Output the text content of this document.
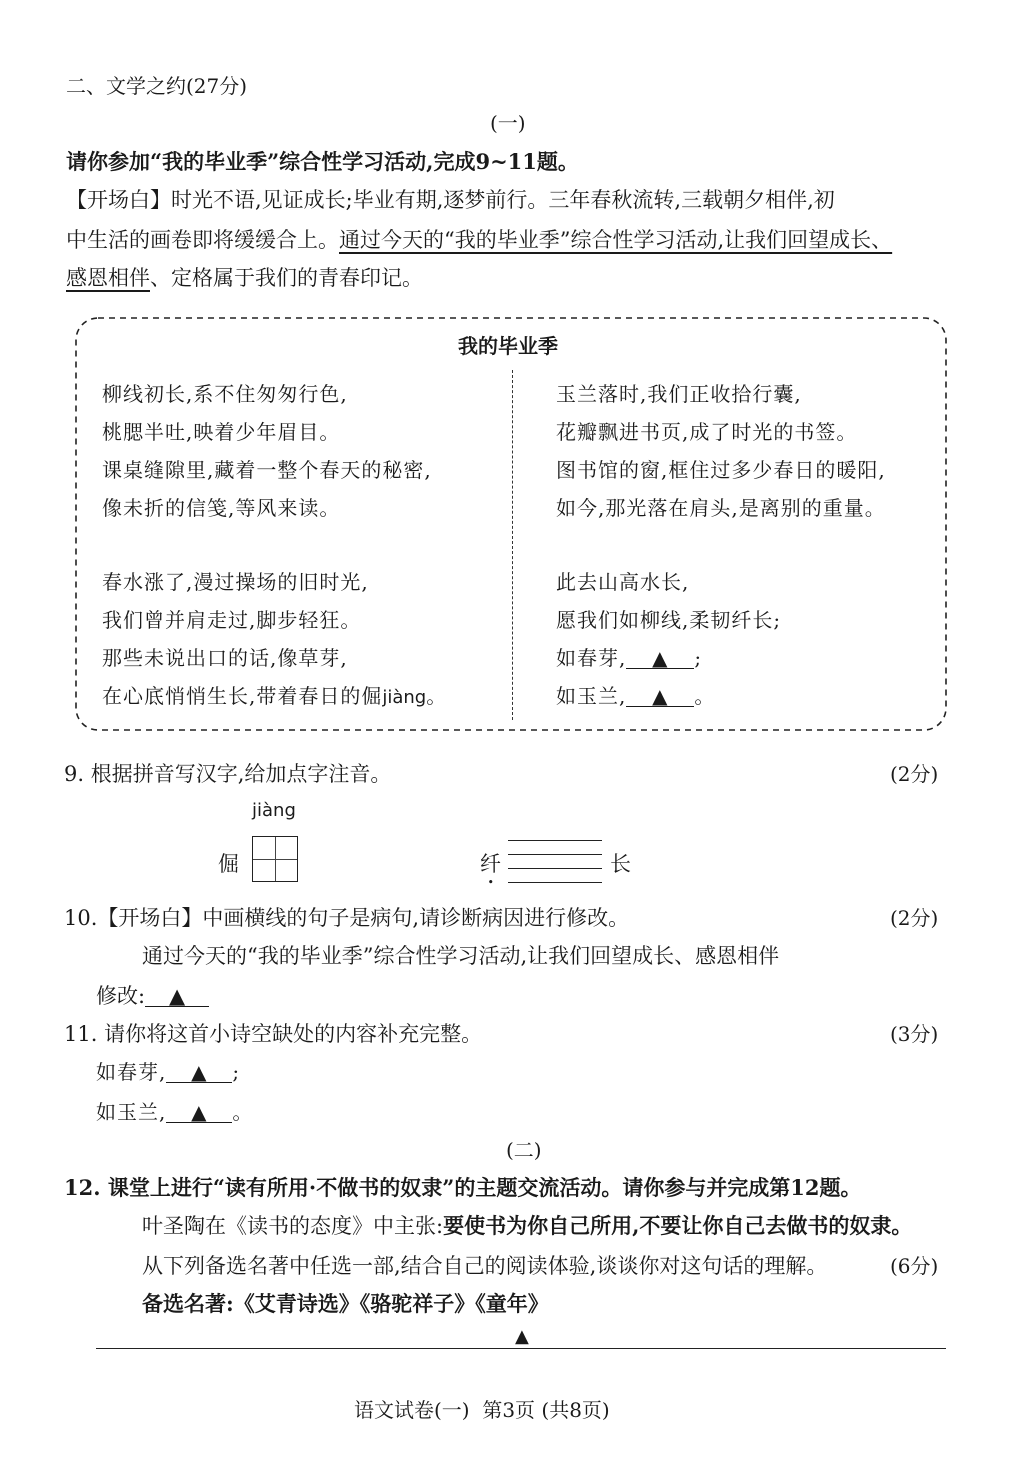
二、文学之约(27分)
(一)
请你参加“我的毕业季”综合性学习活动,完成9~11题。
【开场白】时光不语,见证成长;毕业有期,逐梦前行。三年春秋流转,三载朝夕相伴,初
中生活的画卷即将缓缓合上。通过今天的“我的毕业季”综合性学习活动,让我们回望成长、
感恩相伴、定格属于我们的青春印记。
我的毕业季
柳线初长,系不住匆匆行色,
桃腮半吐,映着少年眉目。
课桌缝隙里,藏着一整个春天的秘密,
像未折的信笺,等风来读。
春水涨了,漫过操场的旧时光,
我们曾并肩走过,脚步轻狂。
那些未说出口的话,像草芽,
在心底悄悄生长,带着春日的倔jiàng。
玉兰落时,我们正收拾行囊,
花瓣飘进书页,成了时光的书签。
图书馆的窗,框住过多少春日的暖阳,
如今,那光落在肩头,是离别的重量。
此去山高水长,
愿我们如柳线,柔韧纤长;
如春芽, ▲ ;
如玉兰, ▲ 。
9. 根据拼音写汉字,给加点字注音。	(2分)
jiàng
倔	纤	长
10.【开场白】中画横线的句子是病句,请诊断病因进行修改。	(2分)
通过今天的“我的毕业季”综合性学习活动,让我们回望成长、感恩相伴
修改: ▲
11. 请你将这首小诗空缺处的内容补充完整。	(3分)
如春芽, ▲ ;
如玉兰, ▲ 。
(二)
12. 课堂上进行“读有所用·不做书的奴隶”的主题交流活动。请你参与并完成第12题。
叶圣陶在《读书的态度》中主张:要使书为你自己所用,不要让你自己去做书的奴隶。
从下列备选名著中任选一部,结合自己的阅读体验,谈谈你对这句话的理解。	(6分)
备选名著:《艾青诗选》《骆驼祥子》《童年》
▲
语文试卷(一)  第3页 (共8页)
